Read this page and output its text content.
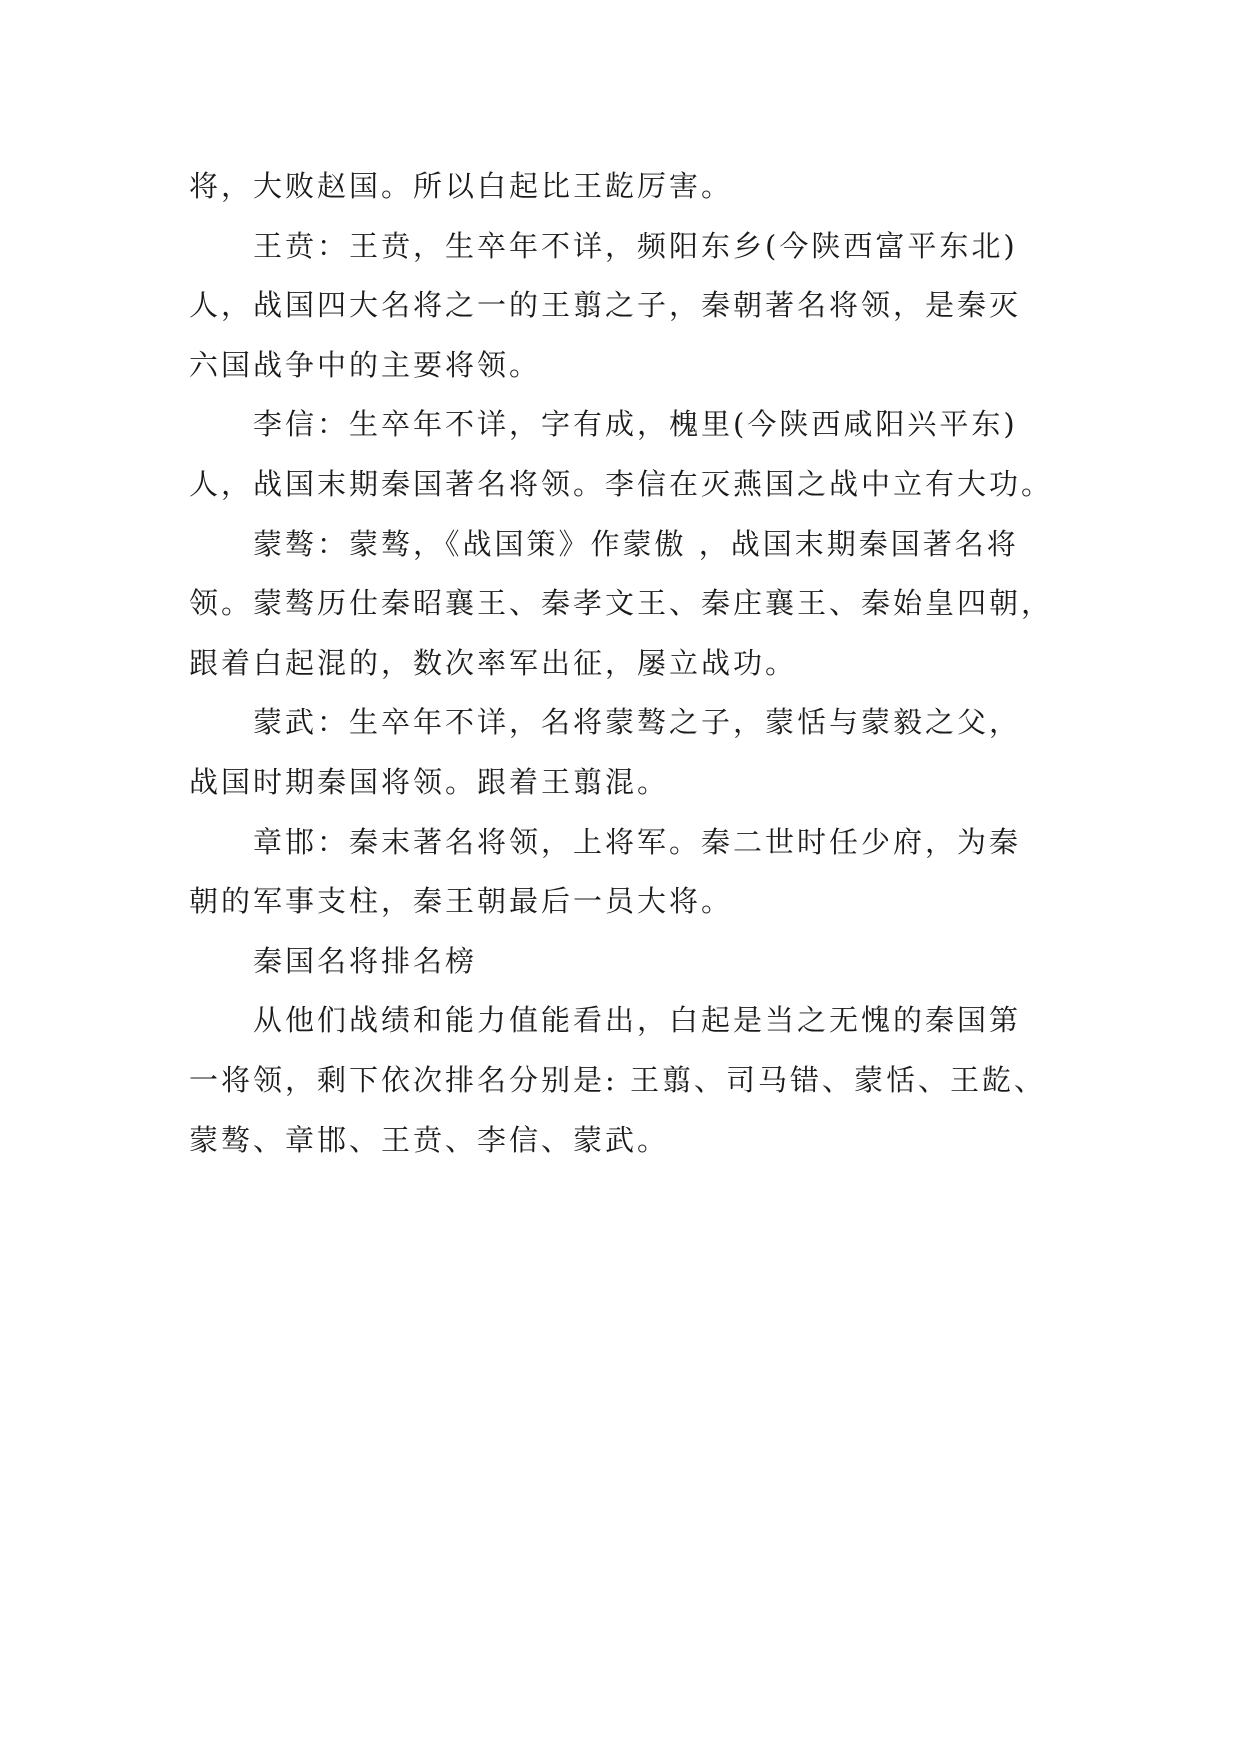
将，大败赵国。所以白起比王龁厉害。
王贲：王贲，生卒年不详，频阳东乡(今陕西富平东北)
人，战国四大名将之一的王翦之子，秦朝著名将领，是秦灭
六国战争中的主要将领。
李信：生卒年不详，字有成，槐里(今陕西咸阳兴平东)
人，战国末期秦国著名将领。李信在灭燕国之战中立有大功。
蒙骜：蒙骜，《战国策》作蒙傲 ，战国末期秦国著名将
领。蒙骜历仕秦昭襄王、秦孝文王、秦庄襄王、秦始皇四朝，
跟着白起混的，数次率军出征，屡立战功。
蒙武：生卒年不详，名将蒙骜之子，蒙恬与蒙毅之父，
战国时期秦国将领。跟着王翦混。
章邯：秦末著名将领，上将军。秦二世时任少府，为秦
朝的军事支柱，秦王朝最后一员大将。
秦国名将排名榜
从他们战绩和能力值能看出，白起是当之无愧的秦国第
一将领，剩下依次排名分别是: 王翦、司马错、蒙恬、王龁、
蒙骜、章邯、王贲、李信、蒙武。
